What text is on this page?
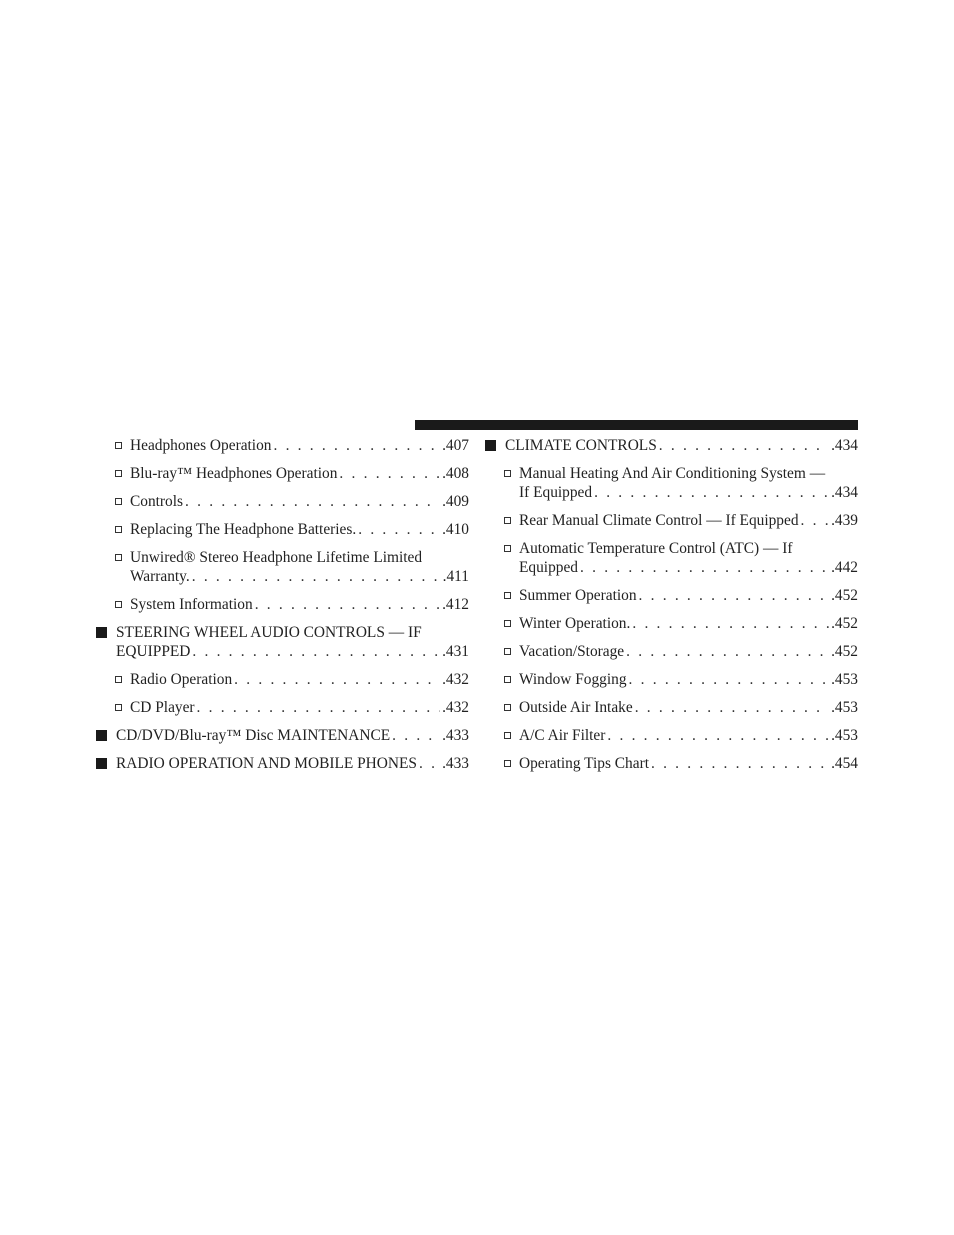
Headphones Operation . . .	.407
Blu-ray™ Headphones Operation . . .	.408
Controls . . .	.409
Replacing The Headphone Batteries. . . .	.410
Unwired® Stereo Headphone Lifetime Limited
Warranty. . . .	.411
System Information . . .	.412
STEERING WHEEL AUDIO CONTROLS — IF
EQUIPPED . . .	.431
Radio Operation . . .	.432
CD Player . . .	.432
CD/DVD/Blu-ray™ Disc MAINTENANCE . . .	.433
RADIO OPERATION AND MOBILE PHONES . . . .433
CLIMATE CONTROLS . . .	.434
Manual Heating And Air Conditioning System —
If Equipped . . .	.434
Rear Manual Climate Control — If Equipped . . . .439
Automatic Temperature Control (ATC) — If
Equipped . . .	.442
Summer Operation . . .	.452
Winter Operation. . . .	.452
Vacation/Storage . . .	.452
Window Fogging . . .	.453
Outside Air Intake . . .	.453
A/C Air Filter . . .	.453
Operating Tips Chart . . .	.454
